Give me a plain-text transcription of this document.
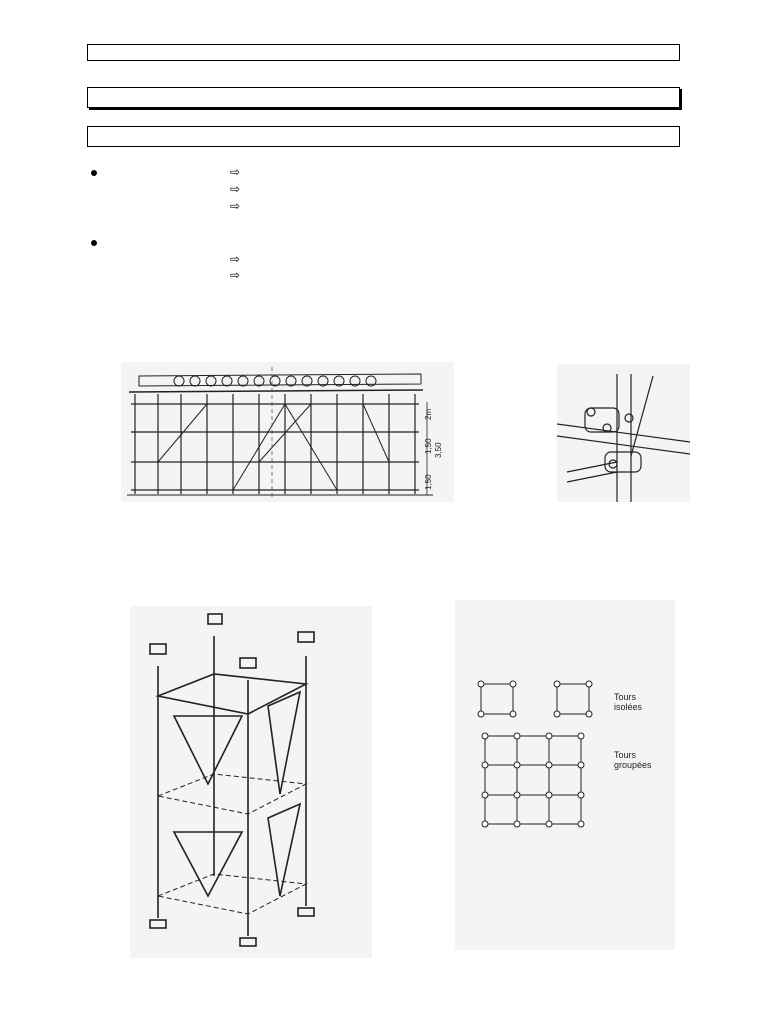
⇨
⇨
⇨
⇨
⇨
2m
1,50 3,50
1,50
Tours
isolées
Tours
groupées
